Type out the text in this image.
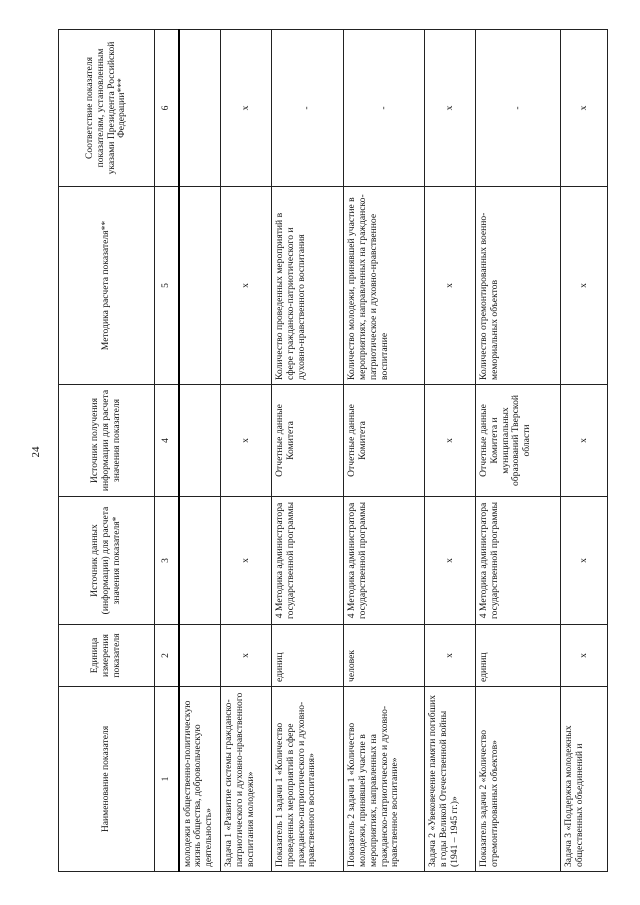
24
Наименование показателя	Единица измерения показателя	Источник данных (информации) для расчета значения показателя*	Источник получения информации для расчета значения показателя	Методика расчета показателя**	Соответствие показателя показателям, установленным указами Президента Российской Федерации***
1	2	3	4	5	6
молодежи в общественно-политическую жизнь общества, добровольческую деятельность»					
Задача 1 «Развитие системы гражданско-патриотического и духовно-нравственного воспитания молодежи»	х	х	х	х	х
Показатель 1 задачи 1 «Количество проведенных мероприятий в сфере гражданско-патриотического и духовно-нравственного воспитания»	единиц	4 Методика администратора государственной программы	Отчетные данные Комитета	Количество проведенных мероприятий в сфере гражданско-патриотического и духовно-нравственного воспитания	-
Показатель 2 задачи 1 «Количество молодежи, принявшей участие в мероприятиях, направленных на гражданско-патриотическое и духовно-нравственное воспитание»	человек	4 Методика администратора государственной программы	Отчетные данные Комитета	Количество молодежи, принявшей участие в мероприятиях, направленных на гражданско-патриотическое и духовно-нравственное воспитание	-
Задача 2 «Увековечение памяти погибших в годы Великой Отечественной войны (1941 – 1945 гг.)»	х	х	х	х	х
Показатель задачи 2 «Количество отремонтированных объектов»	единиц	4 Методика администратора государственной программы	Отчетные данные Комитета и муниципальных образований Тверской области	Количество отремонтированных военно-мемориальных объектов	-
Задача 3 «Поддержка молодежных общественных объединений и	х	х	х	х	х
